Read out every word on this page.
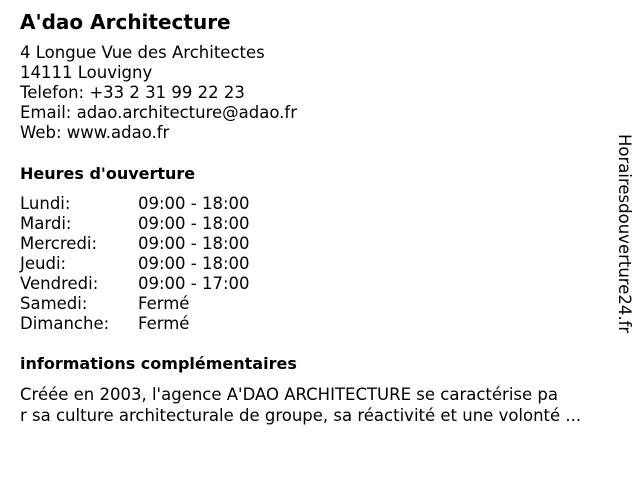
A'dao Architecture
4 Longue Vue des Architectes
14111 Louvigny
Telefon: +33 2 31 99 22 23
Email: adao.architecture@adao.fr
Web: www.adao.fr
Heures d'ouverture
Lundi:	09:00 - 18:00
Mardi:	09:00 - 18:00
Mercredi: 09:00 - 18:00
Jeudi:	09:00 - 18:00
Vendredi: 09:00 - 17:00
Samedi:	Fermé
Dimanche: Fermé
informations complémentaires
Créée en 2003, l'agence A'DAO ARCHITECTURE se caractérise pa
r sa culture architecturale de groupe, sa réactivité et une volonté ...
Horairesdouverture24.fr
